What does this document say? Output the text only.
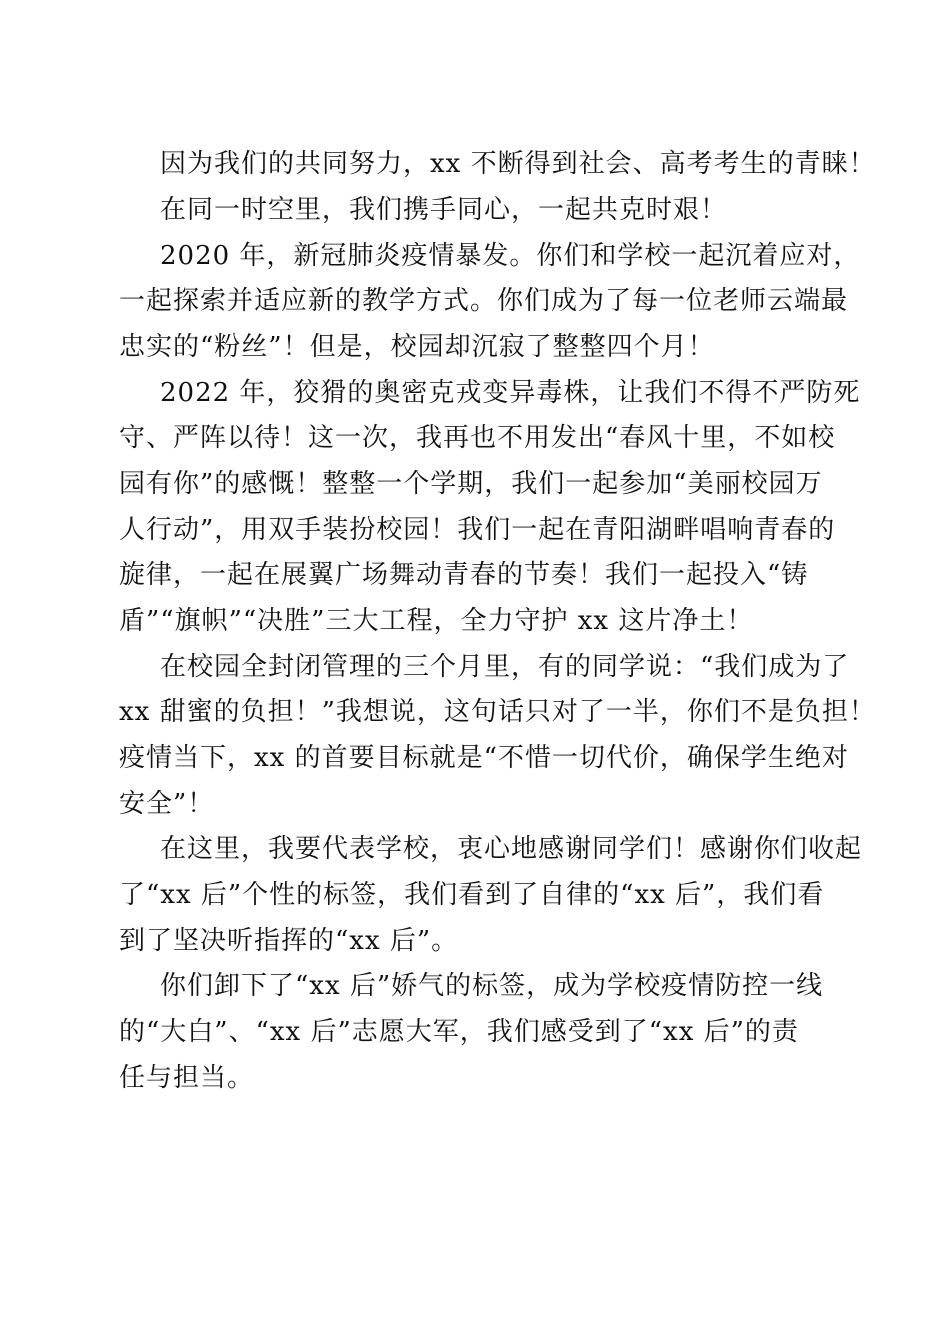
因为我们的共同努力，xx 不断得到社会、高考考生的青睐！
在同一时空里，我们携手同心，一起共克时艰！
2020 年，新冠肺炎疫情暴发。你们和学校一起沉着应对，
一起探索并适应新的教学方式。你们成为了每一位老师云端最
忠实的“粉丝”！但是，校园却沉寂了整整四个月！
2022 年，狡猾的奥密克戎变异毒株，让我们不得不严防死
守、严阵以待！这一次，我再也不用发出“春风十里，不如校
园有你”的感慨！整整一个学期，我们一起参加“美丽校园万
人行动”，用双手装扮校园！我们一起在青阳湖畔唱响青春的
旋律，一起在展翼广场舞动青春的节奏！我们一起投入“铸
盾”“旗帜”“决胜”三大工程，全力守护 xx 这片净土！
在校园全封闭管理的三个月里，有的同学说：“我们成为了
xx 甜蜜的负担！”我想说，这句话只对了一半，你们不是负担！
疫情当下，xx 的首要目标就是“不惜一切代价，确保学生绝对
安全”！
在这里，我要代表学校，衷心地感谢同学们！感谢你们收起
了“xx 后”个性的标签，我们看到了自律的“xx 后”，我们看
到了坚决听指挥的“xx 后”。
你们卸下了“xx 后”娇气的标签，成为学校疫情防控一线
的“大白”、“xx 后”志愿大军，我们感受到了“xx 后”的责
任与担当。
